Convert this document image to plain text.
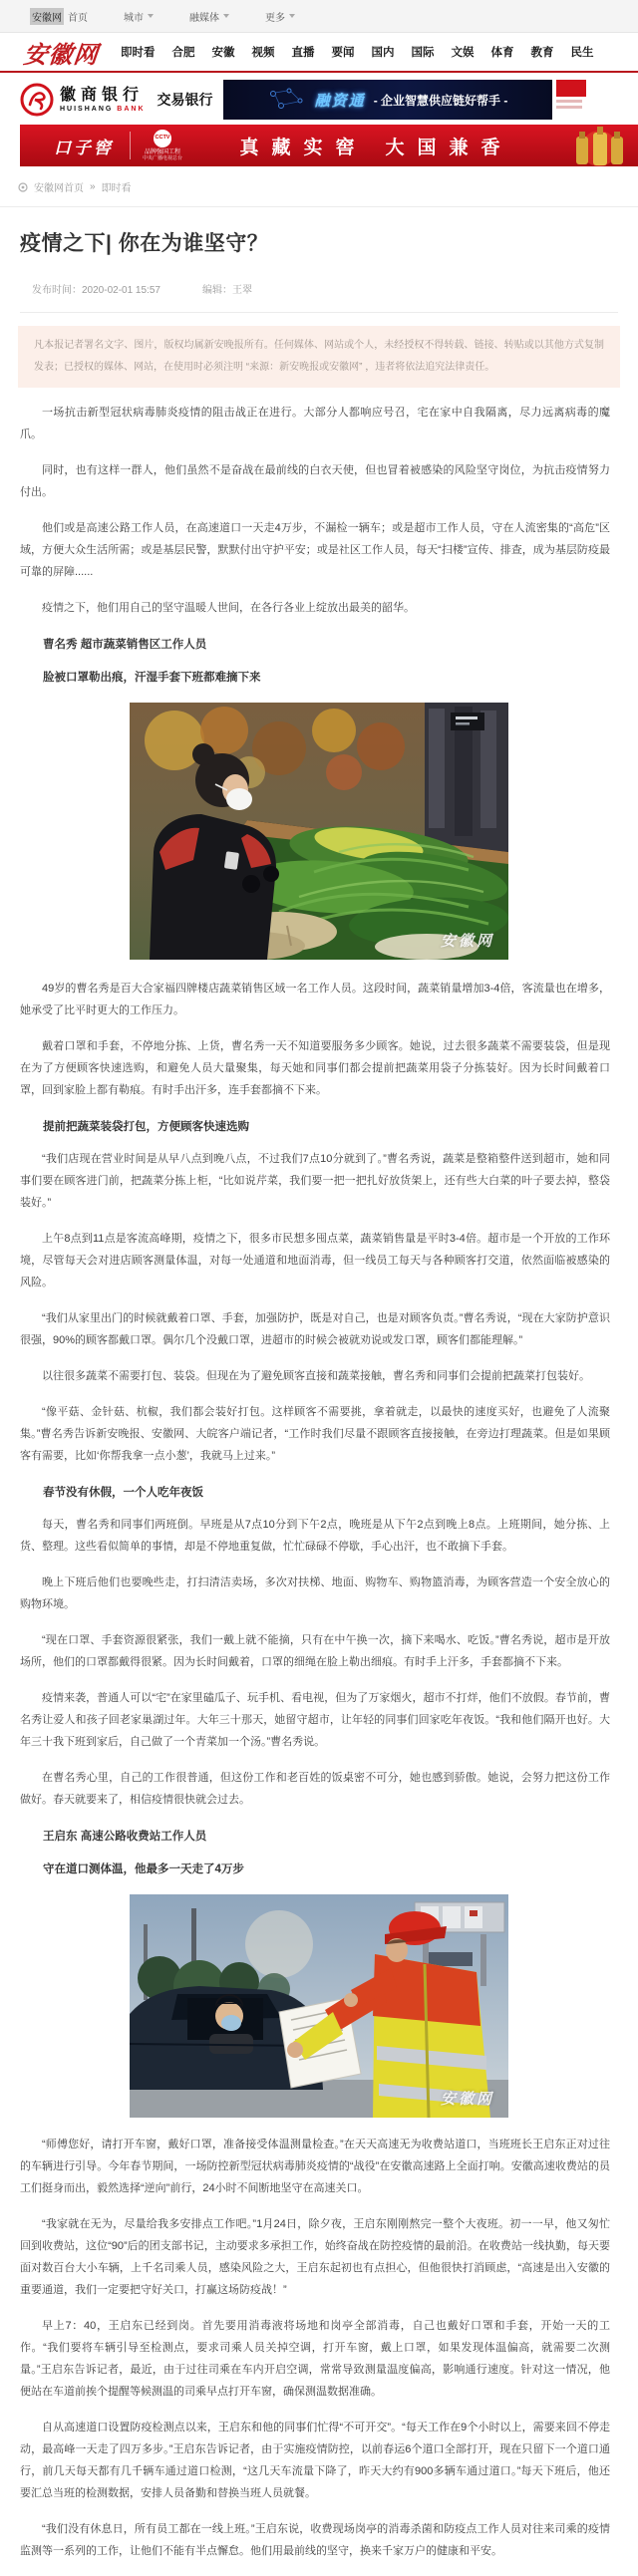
安徽网 首页	城市	融媒体	更多
安徽网 即时看 合肥 安徽 视频 直播 要闻 国内 国际 文娱 体育 教育 民生
徽商银行
HUISHANG BANK
交易银行	融资通 - 企业智慧供应链好帮手 -
口子窖
CCTV
品牌强国工程
中央广播电视总台
真藏实窖 大国兼香
安徽网首页 » 即时看
疫情之下| 你在为谁坚守？
发布时间：2020-02-01 15:57	编辑：王翠
凡本报记者署名文字、图片，版权均属新安晚报所有。任何媒体、网站或个人，未经授权不得转载、链接、转贴或以其他方式复制发表；已授权的媒体、网站，在使用时必须注明 “来源：新安晚报或安徽网” ，违者将依法追究法律责任。

一场抗击新型冠状病毒肺炎疫情的阻击战正在进行。大部分人都响应号召，宅在家中自我隔离，尽力远离病毒的魔爪。

同时，也有这样一群人，他们虽然不是奋战在最前线的白衣天使，但也冒着被感染的风险坚守岗位，为抗击疫情努力付出。

他们或是高速公路工作人员，在高速道口一天走4万步，不漏检一辆车；或是超市工作人员，守在人流密集的“高危”区域，方便大众生活所需；或是基层民警，默默付出守护平安；或是社区工作人员，每天“扫楼”宣传、排查，成为基层防疫最可靠的屏障......

疫情之下，他们用自己的坚守温暖人世间，在各行各业上绽放出最美的韶华。

曹名秀 超市蔬菜销售区工作人员
脸被口罩勒出痕，汗湿手套下班都难摘下来
安徽网

49岁的曹名秀是百大合家福四牌楼店蔬菜销售区域一名工作人员。这段时间，蔬菜销量增加3-4倍，客流量也在增多，她承受了比平时更大的工作压力。

戴着口罩和手套，不停地分拣、上货，曹名秀一天不知道要服务多少顾客。她说，过去很多蔬菜不需要装袋，但是现在为了方便顾客快速选购，和避免人员大量聚集，每天她和同事们都会提前把蔬菜用袋子分拣装好。因为长时间戴着口罩，回到家脸上都有勒痕。有时手出汗多，连手套都摘不下来。

提前把蔬菜装袋打包，方便顾客快速选购

“我们店现在营业时间是从早八点到晚八点，不过我们7点10分就到了。”曹名秀说，蔬菜是整箱整件送到超市，她和同事们要在顾客进门前，把蔬菜分拣上柜，“比如说芹菜，我们要一把一把扎好放货架上，还有些大白菜的叶子要去掉，整袋装好。”

上午8点到11点是客流高峰期，疫情之下，很多市民想多囤点菜，蔬菜销售量是平时3-4倍。超市是一个开放的工作环境，尽管每天会对进店顾客测量体温，对每一处通道和地面消毒，但一线员工每天与各种顾客打交道，依然面临被感染的风险。

“我们从家里出门的时候就戴着口罩、手套，加强防护，既是对自己，也是对顾客负责。”曹名秀说，“现在大家防护意识很强，90%的顾客都戴口罩。偶尔几个没戴口罩，进超市的时候会被就劝说或发口罩，顾客们都能理解。”

以往很多蔬菜不需要打包、装袋。但现在为了避免顾客直接和蔬菜接触，曹名秀和同事们会提前把蔬菜打包装好。

“像平菇、金针菇、杭椒，我们都会装好打包。这样顾客不需要挑，拿着就走，以最快的速度买好，也避免了人流聚集。”曹名秀告诉新安晚报、安徽网、大皖客户端记者，“工作时我们尽量不跟顾客直接接触，在旁边打理蔬菜。但是如果顾客有需要，比如‘你帮我拿一点小葱’，我就马上过来。”

春节没有休假，一个人吃年夜饭

每天，曹名秀和同事们两班倒。早班是从7点10分到下午2点，晚班是从下午2点到晚上8点。上班期间，她分拣、上货、整理。这些看似简单的事情，却是不停地重复做，忙忙碌碌不停歇，手心出汗，也不敢摘下手套。

晚上下班后他们也要晚些走，打扫清洁卖场，多次对扶梯、地面、购物车、购物篮消毒，为顾客营造一个安全放心的购物环境。

“现在口罩、手套资源很紧张，我们一戴上就不能摘，只有在中午换一次，摘下来喝水、吃饭。”曹名秀说，超市是开放场所，他们的口罩都戴得很紧。因为长时间戴着，口罩的细绳在脸上勒出细痕。有时手上汗多，手套都摘不下来。

疫情来袭，普通人可以“宅”在家里磕瓜子、玩手机、看电视，但为了万家烟火，超市不打烊，他们不放假。春节前，曹名秀让爱人和孩子回老家巢湖过年。大年三十那天，她留守超市，让年轻的同事们回家吃年夜饭。“我和他们隔开也好。大年三十我下班到家后，自己做了一个青菜加一个汤。”曹名秀说。

在曹名秀心里，自己的工作很普通，但这份工作和老百姓的饭桌密不可分，她也感到骄傲。她说，会努力把这份工作做好。春天就要来了，相信疫情很快就会过去。

王启东 高速公路收费站工作人员
守在道口测体温，他最多一天走了4万步
安徽网

“师傅您好，请打开车窗，戴好口罩，准备接受体温测量检查。”在天天高速无为收费站道口，当班班长王启东正对过往的车辆进行引导。今年春节期间，一场防控新型冠状病毒肺炎疫情的“战役”在安徽高速路上全面打响。安徽高速收费站的员工们挺身而出，毅然选择“逆向”前行，24小时不间断地坚守在高速关口。

“我家就在无为，尽量给我多安排点工作吧。”1月24日，除夕夜，王启东刚刚熬完一整个大夜班。初一一早，他又匆忙回到收费站，这位“90”后的团支部书记，主动要求多承担工作，始终奋战在防控疫情的最前沿。在收费站一线执勤，每天要面对数百台大小车辆，上千名司乘人员，感染风险之大，王启东起初也有点担心，但他很快打消顾虑，“高速是出入安徽的重要通道，我们一定要把守好关口，打赢这场防疫战！”

早上7：40，王启东已经到岗。首先要用消毒液将场地和岗亭全部消毒，自己也戴好口罩和手套，开始一天的工作。“我们要将车辆引导至检测点，要求司乘人员关掉空调，打开车窗，戴上口罩，如果发现体温偏高，就需要二次测量。”王启东告诉记者，最近，由于过往司乘在车内开启空调，常常导致测量温度偏高，影响通行速度。针对这一情况，他便站在车道前挨个提醒等候测温的司乘早点打开车窗，确保测温数据准确。

自从高速道口设置防疫检测点以来，王启东和他的同事们忙得“不可开交”。“每天工作在9个小时以上，需要来回不停走动，最高峰一天走了四万多步。”王启东告诉记者，由于实施疫情防控，以前春运6个道口全部打开，现在只留下一个道口通行，前几天每天都有几千辆车通过道口检测，“这几天车流量下降了，昨天大约有900多辆车通过道口。”每天下班后，他还要汇总当班的检测数据，安排人员备勤和替换当班人员就餐。

“我们没有休息日，所有员工都在一线上班。”王启东说，收费现场岗亭的消毒杀菌和防疫点工作人员对往来司乘的疫情监测等一系列的工作，让他们不能有半点懈怠。他们用最前线的坚守，换来千家万户的健康和平安。
